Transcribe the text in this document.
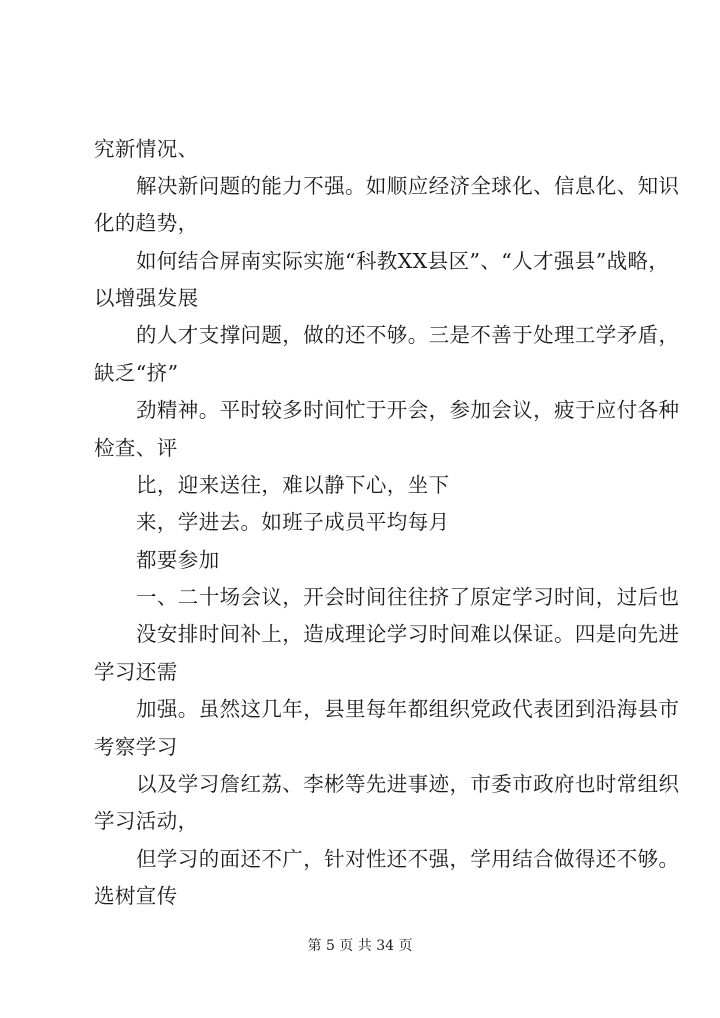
究新情况、
解决新问题的能力不强。如顺应经济全球化、信息化、知识
化的趋势，
如何结合屏南实际实施“科教XX县区”、“人才强县”战略，
以增强发展
的人才支撑问题，做的还不够。三是不善于处理工学矛盾，
缺乏“挤”
劲精神。平时较多时间忙于开会，参加会议，疲于应付各种
检查、评
比，迎来送往，难以静下心，坐下
来，学进去。如班子成员平均每月
都要参加
一、二十场会议，开会时间往往挤了原定学习时间，过后也
没安排时间补上，造成理论学习时间难以保证。四是向先进
学习还需
加强。虽然这几年，县里每年都组织党政代表团到沿海县市
考察学习
以及学习詹红荔、李彬等先进事迹，市委市政府也时常组织
学习活动，
但学习的面还不广，针对性还不强，学用结合做得还不够。
选树宣传
第 5 页 共 34 页
